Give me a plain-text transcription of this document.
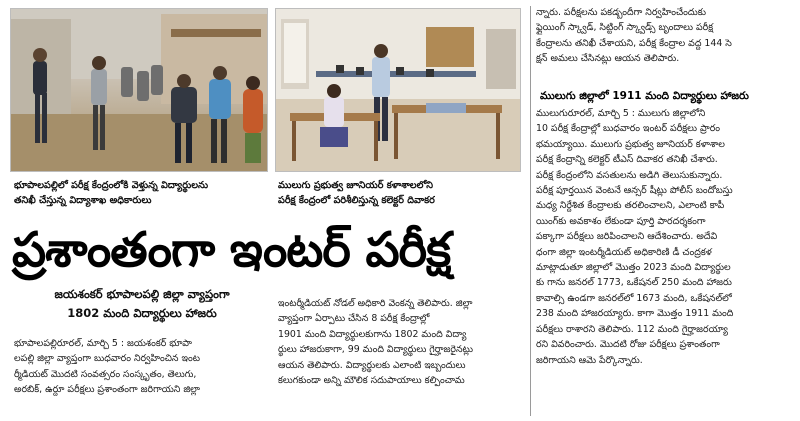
భూపాలపల్లిలో పరీక్ష కేంద్రంలోకి వెళ్తున్న విద్యార్థులను
తనిఖీ చేస్తున్న విద్యాశాఖ అధికారులు
ములుగు ప్రభుత్వ జూనియర్ కళాశాలలోని
పరీక్ష కేంద్రంలో పరిశీలిస్తున్న కలెక్టర్ దివాకర
ప్రశాంతంగా ఇంటర్ పరీక్ష
జయశంకర్ భూపాలపల్లి జిల్లా వ్యాప్తంగా
1802 మంది విద్యార్థులు హాజరు
భూపాలపల్లిరూరల్, మార్చి 5 : జయశంకర్ భూపా
లపల్లి జిల్లా వ్యాప్తంగా బుధవారం నిర్వహించిన ఇంట
ర్మీడియట్ మొదటి సంవత్సరం సంస్కృతం, తెలుగు,
అరబిక్, ఉర్దూ పరీక్షలు ప్రశాంతంగా జరిగాయని జిల్లా
ఇంటర్మీడియట్ నోడల్ అధికారి వెంకన్న తెలిపారు. జిల్లా
వ్యాప్తంగా ఏర్పాటు చేసిన 8 పరీక్ష కేంద్రాల్లో
1901 మంది విద్యార్థులకుగాను 1802 మంది విద్యా
ర్థులు హాజరుకాగా, 99 మంది విద్యార్థులు గైర్హాజరైనట్లు
ఆయన తెలిపారు. విద్యార్థులకు ఎలాంటి ఇబ్బందులు
కలుగకుండా అన్ని మౌలిక సదుపాయాలు కల్పించామ
న్నారు. పరీక్షలను పకడ్బందీగా నిర్వహించేందుకు
ఫ్లైయింగ్ స్క్వాడ్, సిట్టింగ్ స్క్వాడ్స్ బృందాలు పరీక్ష
కేంద్రాలను తనిఖీ చేశాయని, పరీక్ష కేంద్రాల వద్ద 144 సె
క్షన్ అమలు చేసినట్లు ఆయన తెలిపారు.
ములుగు జిల్లాలో 1911 మంది విద్యార్థులు హాజరు
ములుగురూరల్, మార్చి 5 : ములుగు జిల్లాలోని
10 పరీక్ష కేంద్రాల్లో బుధవారం ఇంటర్ పరీక్షలు ప్రారం
భమయ్యాయి. ములుగు ప్రభుత్వ జూనియర్ కళాశాల
పరీక్ష కేంద్రాన్ని కలెక్టర్ టీఎస్ దివాకర తనిఖీ చేశారు.
పరీక్ష కేంద్రంలోని వసతులను అడిగి తెలుసుకున్నారు.
పరీక్ష పూర్తయిన వెంటనే ఆన్సర్ షీట్లు పోలీస్ బందోబస్తు
మధ్య నిర్దేశిత కేంద్రాలకు తరలించాలని, ఎలాంటి కాపీ
యింగ్‌కు అవకాశం లేకుండా పూర్తి పారదర్శకంగా
పక్కాగా పరీక్షలు జరిపించాలని ఆదేశించారు. అదేవి
ధంగా జిల్లా ఇంటర్మీడియట్ అధికారిణి డీ చంద్రకళ
మాట్లాడుతూ జిల్లాలో మొత్తం 2023 మంది విద్యార్థుల
కు గాను జనరల్ 1773, ఒకేషనల్ 250 మంది హాజరు
కావాల్సి ఉండగా జనరల్‌లో 1673 మంది, ఒకేషనల్‌లో
238 మంది హాజరయ్యారు. కాగా మొత్తం 1911 మంది
పరీక్షలు రాశారని తెలిపారు. 112 మంది గైర్హాజరయ్యా
రని వివరించారు. మొదటి రోజు పరీక్షలు ప్రశాంతంగా
జరిగాయని ఆమె పేర్కొన్నారు.
